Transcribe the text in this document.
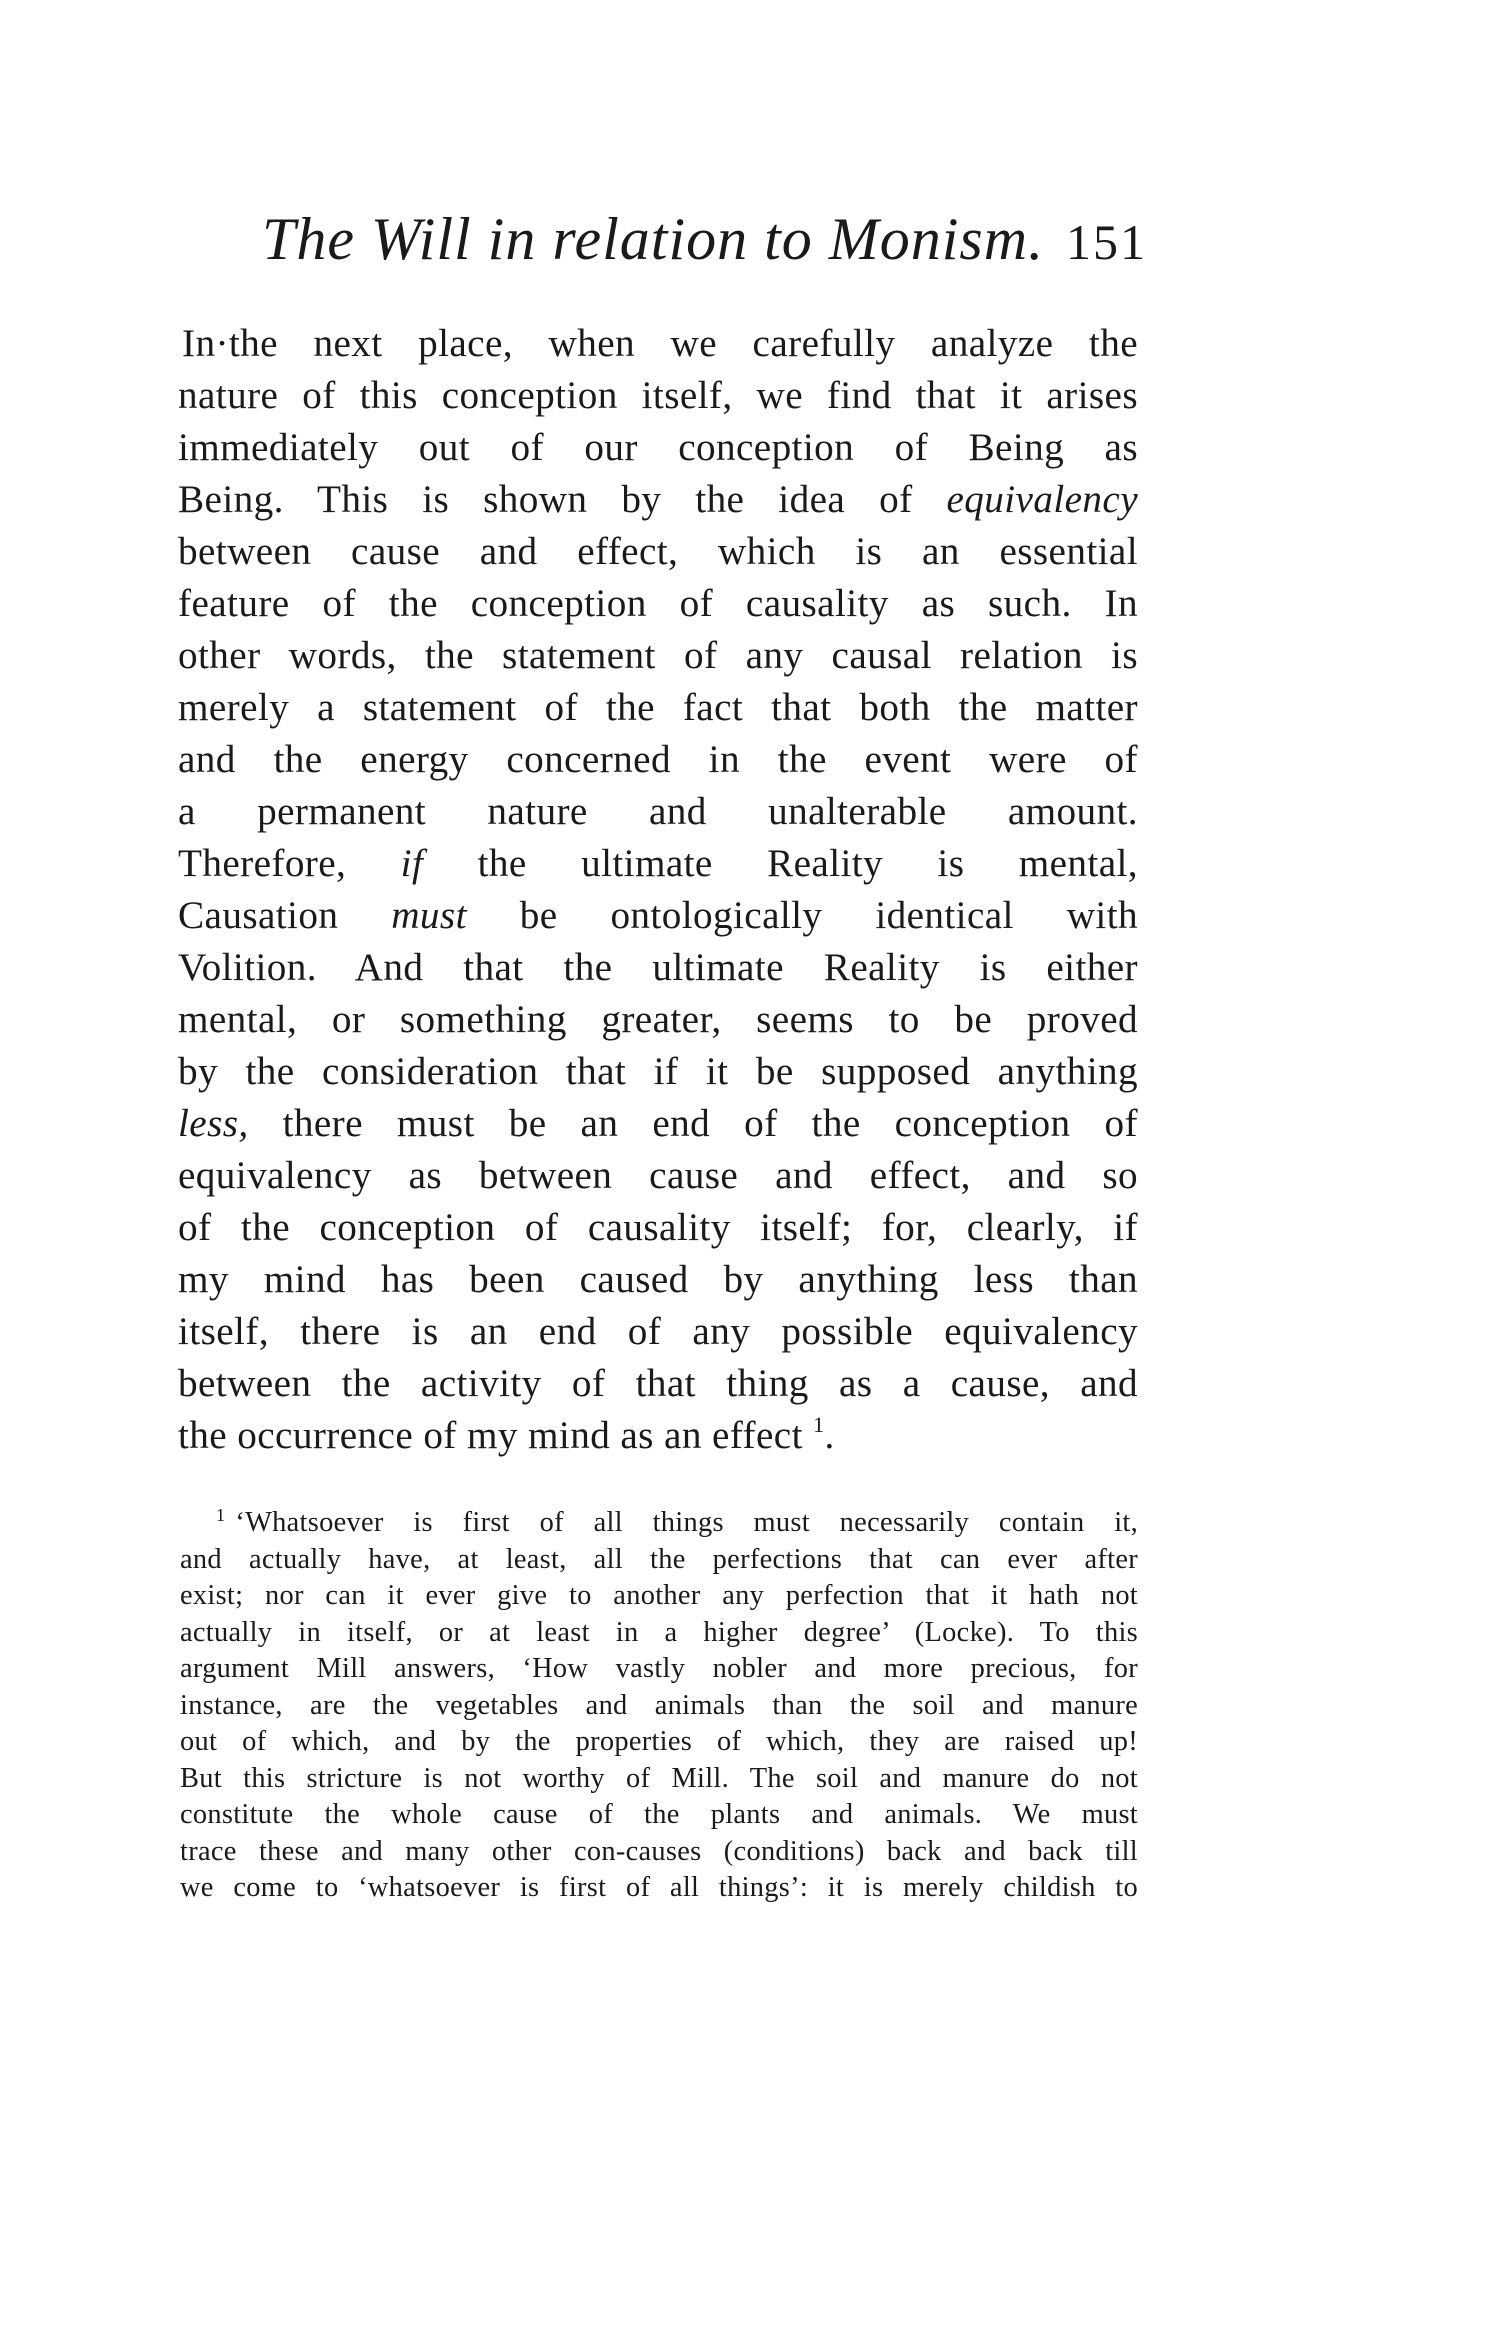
The Will in relation to Monism. 151
In·the next place, when we carefully analyze the
nature of this conception itself, we find that it arises
immediately out of our conception of Being as
Being. This is shown by the idea of equivalency
between cause and effect, which is an essential
feature of the conception of causality as such. In
other words, the statement of any causal relation is
merely a statement of the fact that both the matter
and the energy concerned in the event were of
a permanent nature and unalterable amount.
Therefore, if the ultimate Reality is mental,
Causation must be ontologically identical with
Volition. And that the ultimate Reality is either
mental, or something greater, seems to be proved
by the consideration that if it be supposed anything
less, there must be an end of the conception of
equivalency as between cause and effect, and so
of the conception of causality itself; for, clearly, if
my mind has been caused by anything less than
itself, there is an end of any possible equivalency
between the activity of that thing as a cause, and
the occurrence of my mind as an effect $^1$.
$^1$ ‘Whatsoever is first of all things must necessarily contain it,
and actually have, at least, all the perfections that can ever after
exist; nor can it ever give to another any perfection that it hath not
actually in itself, or at least in a higher degree’ (Locke). To this
argument Mill answers, ‘How vastly nobler and more precious, for
instance, are the vegetables and animals than the soil and manure
out of which, and by the properties of which, they are raised up!
But this stricture is not worthy of Mill. The soil and manure do not
constitute the whole cause of the plants and animals. We must
trace these and many other con-causes (conditions) back and back till
we come to ‘whatsoever is first of all things’: it is merely childish to
